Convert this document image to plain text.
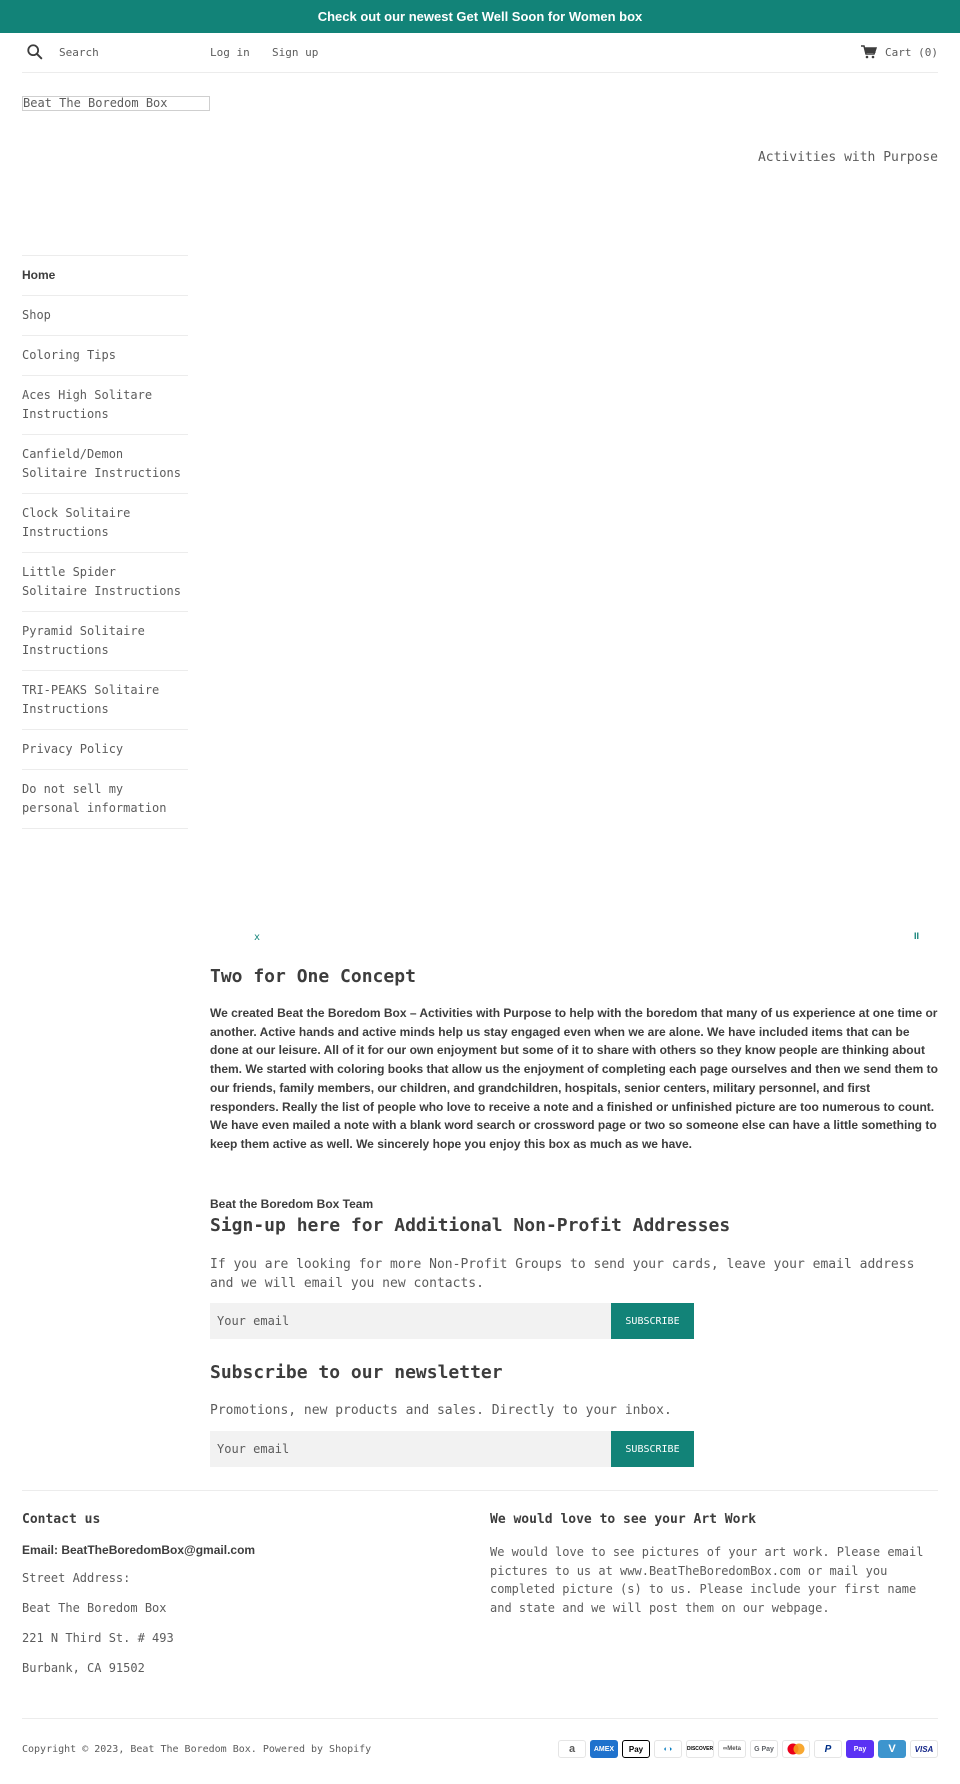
Check out our newest Get Well Soon for Women box
Search
Log in Sign up	Cart (0)
Beat The Boredom Box
Activities with Purpose
Home
Shop
Coloring Tips
Aces High Solitare Instructions
Canfield/Demon Solitaire Instructions
Clock Solitaire Instructions
Little Spider Solitaire Instructions
Pyramid Solitaire Instructions
TRI-PEAKS Solitaire Instructions
Privacy Policy
Do not sell my personal information
x	II
Two for One Concept

We created Beat the Boredom Box – Activities with Purpose to help with the boredom that many of us experience at one time or another. Active hands and active minds help us stay engaged even when we are alone. We have included items that can be done at our leisure. All of it for our own enjoyment but some of it to share with others so they know people are thinking about them. We started with coloring books that allow us the enjoyment of completing each page ourselves and then we send them to our friends, family members, our children, and grandchildren, hospitals, senior centers, military personnel, and first responders. Really the list of people who love to receive a note and a finished or unfinished picture are too numerous to count. We have even mailed a note with a blank word search or crossword page or two so someone else can have a little something to keep them active as well. We sincerely hope you enjoy this box as much as we have.

Beat the Boredom Box Team
Sign-up here for Additional Non-Profit Addresses

If you are looking for more Non-Profit Groups to send your cards, leave your email address and we will email you new contacts.

Your email
SUBSCRIBE
Subscribe to our newsletter

Promotions, new products and sales. Directly to your inbox.

Your email
SUBSCRIBE
Contact us
Email: BeatTheBoredomBox@gmail.com
Street Address:
Beat The Boredom Box
221 N Third St. # 493
Burbank, CA 91502
We would love to see your Art Work

We would love to see pictures of your art work. Please email pictures to us at www.BeatTheBoredomBox.com or mail you completed picture (s) to us. Please include your first name and state and we will post them on our webpage.

Copyright © 2023, Beat The Boredom Box. Powered by Shopify	a	AMEX Pay	◐◑	DISCOVER ∞Meta G Pay	P	Pay V VISA
